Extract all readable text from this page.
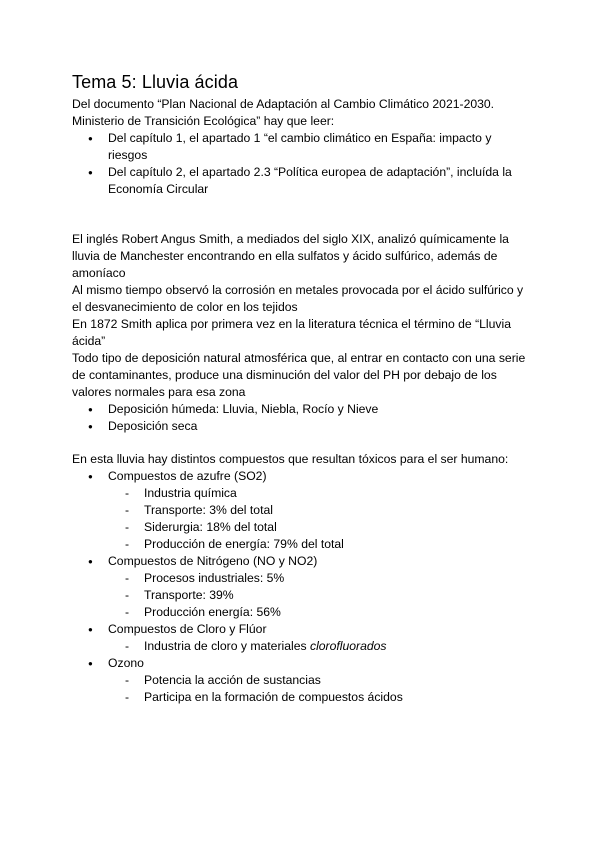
Tema 5: Lluvia ácida

Del documento “Plan Nacional de Adaptación al Cambio Climático 2021-2030.

Ministerio de Transición Ecológica” hay que leer:

● Del capítulo 1, el apartado 1 “el cambio climático en España: impacto y riesgos
● Del capítulo 2, el apartado 2.3 “Política europea de adaptación”, incluída la Economía Circular

El inglés Robert Angus Smith, a mediados del siglo XIX, analizó químicamente la lluvia de Manchester encontrando en ella sulfatos y ácido sulfúrico, además de amoníaco

Al mismo tiempo observó la corrosión en metales provocada por el ácido sulfúrico y el desvanecimiento de color en los tejidos

En 1872 Smith aplica por primera vez en la literatura técnica el término de “Lluvia ácida”

Todo tipo de deposición natural atmosférica que, al entrar en contacto con una serie de contaminantes, produce una disminución del valor del PH por debajo de los valores normales para esa zona

● Deposición húmeda: Lluvia, Niebla, Rocío y Nieve
● Deposición seca

En esta lluvia hay distintos compuestos que resultan tóxicos para el ser humano:

● Compuestos de azufre (SO2)
- Industria química
- Transporte: 3% del total
- Siderurgia: 18% del total
- Producción de energía: 79% del total
● Compuestos de Nitrógeno (NO y NO2)
- Procesos industriales: 5%
- Transporte: 39%
- Producción energía: 56%
● Compuestos de Cloro y Flúor
- Industria de cloro y materiales clorofluorados
● Ozono
- Potencia la acción de sustancias
- Participa en la formación de compuestos ácidos
